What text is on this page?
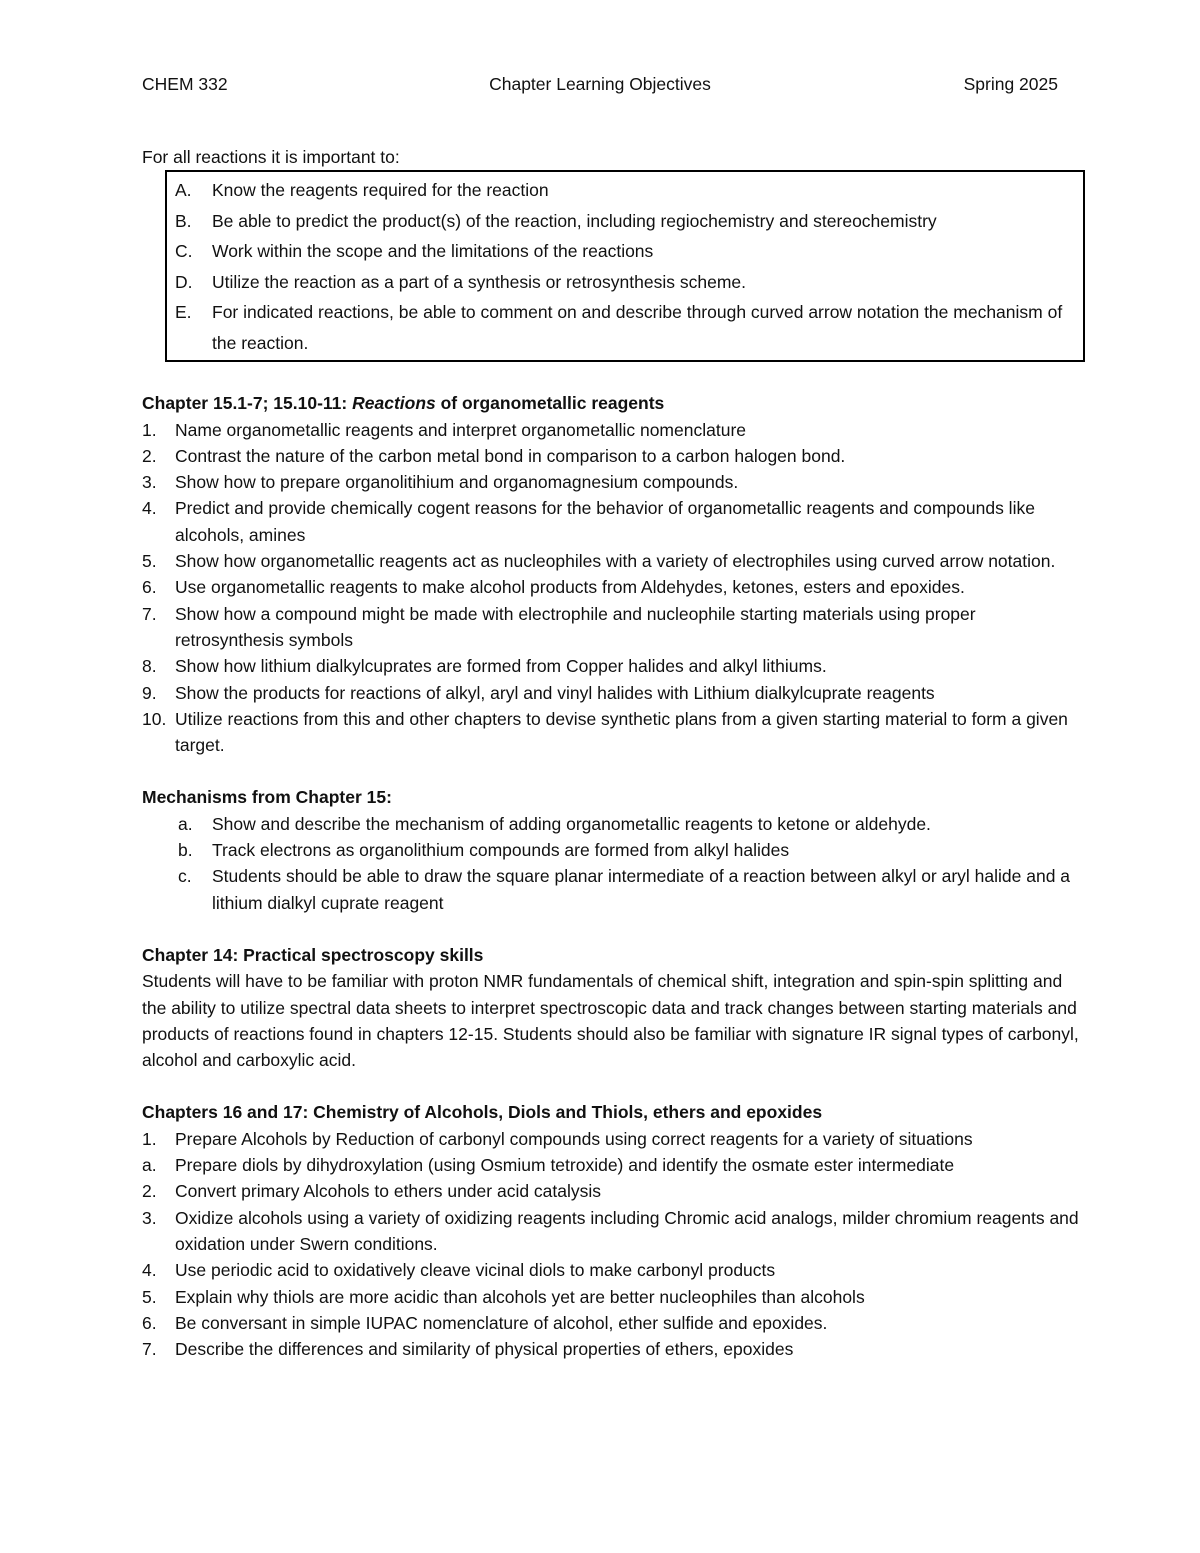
CHEM 332	Chapter Learning Objectives	Spring 2025
For all reactions it is important to:
A.	Know the reagents required for the reaction
B.	Be able to predict the product(s) of the reaction, including regiochemistry and stereochemistry
C.	Work within the scope and the limitations of the reactions
D.	Utilize the reaction as a part of a synthesis or retrosynthesis scheme.
E.	For indicated reactions, be able to comment on and describe through curved arrow notation the mechanism of the reaction.
Chapter 15.1-7; 15.10-11: Reactions of organometallic reagents
1.	Name organometallic reagents and interpret organometallic nomenclature
2.	Contrast the nature of the carbon metal bond in comparison to a carbon halogen bond.
3.	Show how to prepare organolitihium and organomagnesium compounds.
4.	Predict and provide chemically cogent reasons for the behavior of organometallic reagents and compounds like alcohols, amines
5.	Show how organometallic reagents act as nucleophiles with a variety of electrophiles using curved arrow notation.
6.	Use organometallic reagents to make alcohol products from Aldehydes, ketones, esters and epoxides.
7.	Show how a compound might be made with electrophile and nucleophile starting materials using proper retrosynthesis symbols
8.	Show how lithium dialkylcuprates are formed from Copper halides and alkyl lithiums.
9.	Show the products for reactions of alkyl, aryl and vinyl halides with Lithium dialkylcuprate reagents
10. Utilize reactions from this and other chapters to devise synthetic plans from a given starting material to form a given target.
Mechanisms from Chapter 15:
a.	Show and describe the mechanism of adding organometallic reagents to ketone or aldehyde.
b.	Track electrons as organolithium compounds are formed from alkyl halides
c.	Students should be able to draw the square planar intermediate of a reaction between alkyl or aryl halide and a lithium dialkyl cuprate reagent
Chapter 14: Practical spectroscopy skills
Students will have to be familiar with proton NMR fundamentals of chemical shift, integration and spin-spin splitting and the ability to utilize spectral data sheets to interpret spectroscopic data and track changes between starting materials and products of reactions found in chapters 12-15. Students should also be familiar with signature IR signal types of carbonyl, alcohol and carboxylic acid.
Chapters 16 and 17: Chemistry of Alcohols, Diols and Thiols, ethers and epoxides
1.	Prepare Alcohols by Reduction of carbonyl compounds using correct reagents for a variety of situations
a.	Prepare diols by dihydroxylation (using Osmium tetroxide) and identify the osmate ester intermediate
2.	Convert primary Alcohols to ethers under acid catalysis
3.	Oxidize alcohols using a variety of oxidizing reagents including Chromic acid analogs, milder chromium reagents and oxidation under Swern conditions.
4.	Use periodic acid to oxidatively cleave vicinal diols to make carbonyl products
5.	Explain why thiols are more acidic than alcohols yet are better nucleophiles than alcohols
6.	Be conversant in simple IUPAC nomenclature of alcohol, ether sulfide and epoxides.
7.	Describe the differences and similarity of physical properties of ethers, epoxides
